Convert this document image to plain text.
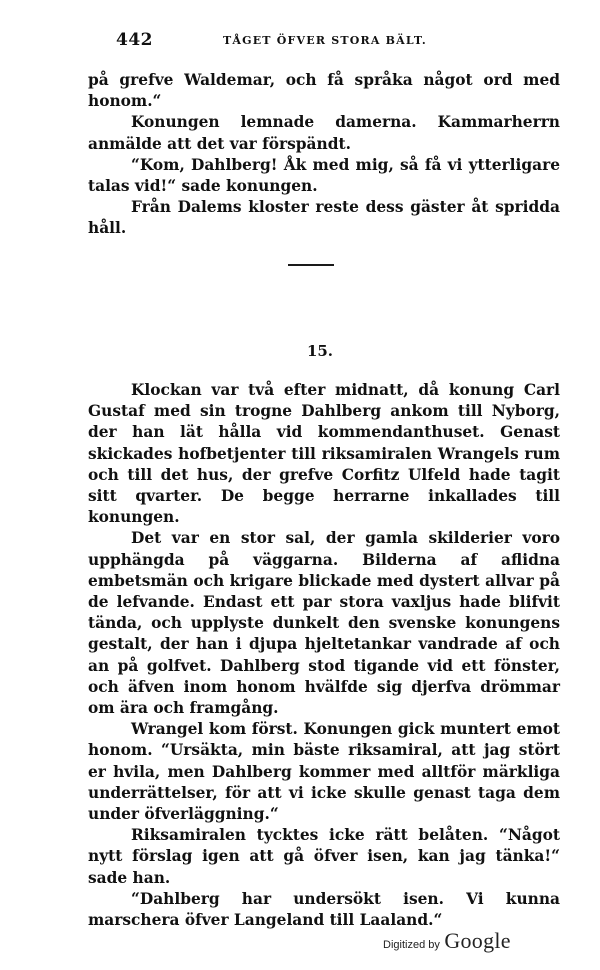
442	TÅGET ÖFVER STORA BÄLT.

på grefve Waldemar, och få språka något ord med honom.“

Konungen lemnade damerna. Kammarherrn anmälde att det var förspändt.

“Kom, Dahlberg! Åk med mig, så få vi ytterligare talas vid!“ sade konungen.

Från Dalems kloster reste dess gäster åt spridda håll.

15.

Klockan var två efter midnatt, då konung Carl Gustaf med sin trogne Dahlberg ankom till Nyborg, der han lät hålla vid kommendanthuset. Genast skickades hofbetjenter till riksamiralen Wrangels rum och till det hus, der grefve Corfitz Ulfeld hade tagit sitt qvarter. De begge herrarne inkallades till konungen.

Det var en stor sal, der gamla skilderier voro upphängda på väggarna. Bilderna af aflidna embetsmän och krigare blickade med dystert allvar på de lefvande. Endast ett par stora vaxljus hade blifvit tända, och upplyste dunkelt den svenske konungens gestalt, der han i djupa hjeltetankar vandrade af och an på golfvet. Dahlberg stod tigande vid ett fönster, och äfven inom honom hvälfde sig djerfva drömmar om ära och framgång.

Wrangel kom först. Konungen gick muntert emot honom. “Ursäkta, min bäste riksamiral, att jag stört er hvila, men Dahlberg kommer med alltför märkliga underrättelser, för att vi icke skulle genast taga dem under öfverläggning.“

Riksamiralen tycktes icke rätt belåten. “Något nytt förslag igen att gå öfver isen, kan jag tänka!“ sade han.

“Dahlberg har undersökt isen. Vi kunna marschera öfver Langeland till Laaland.“

Digitized by Google
